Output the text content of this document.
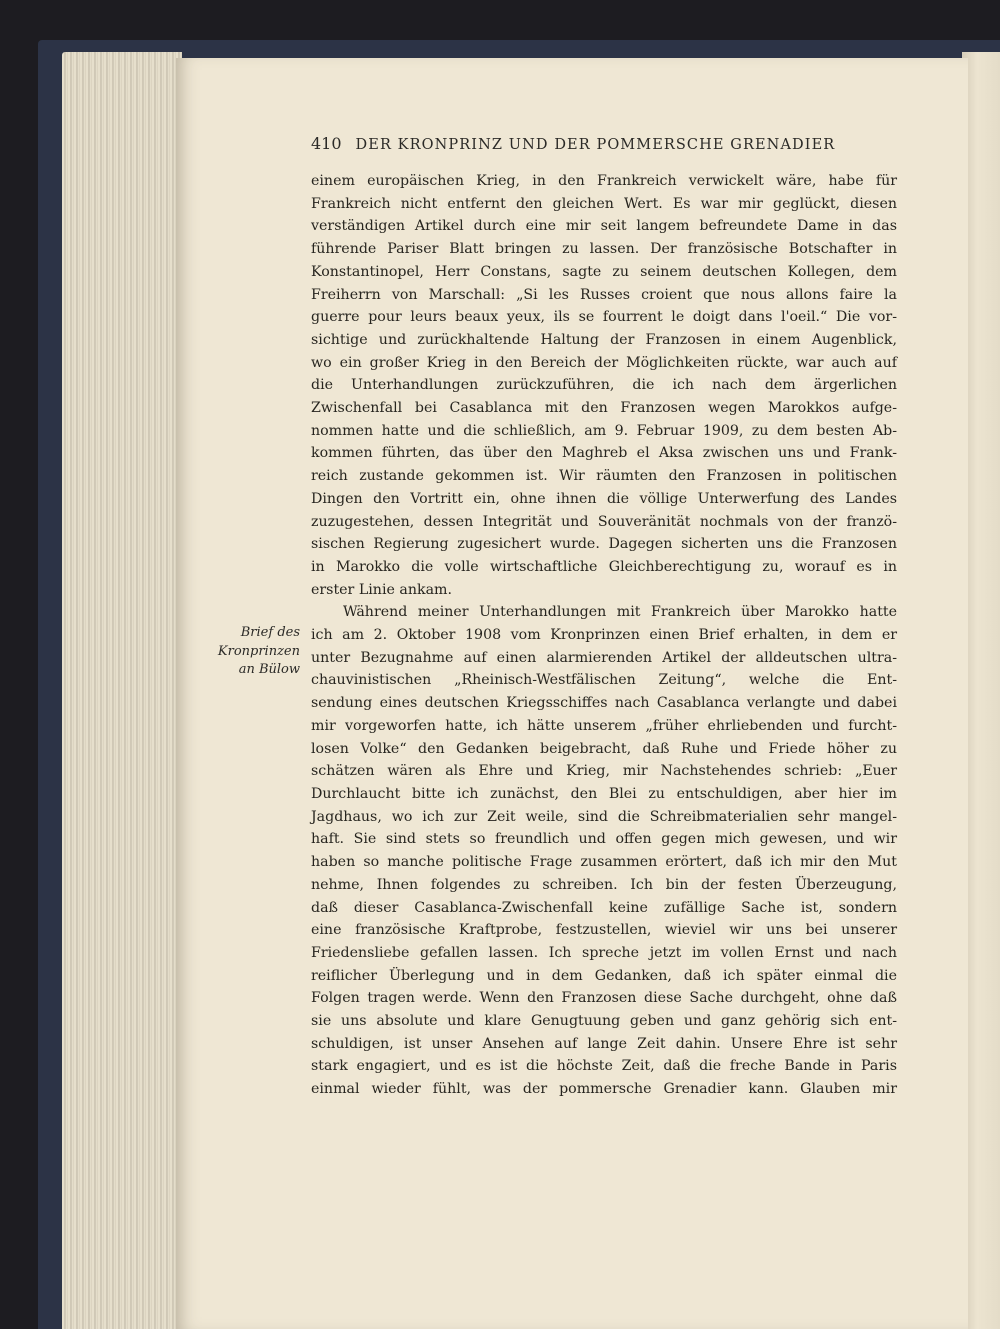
410 DER KRONPRINZ UND DER POMMERSCHE GRENADIER
Brief des
Kronprinzen
an Bülow
einem europäischen Krieg, in den Frankreich verwickelt wäre, habe für
Frankreich nicht entfernt den gleichen Wert. Es war mir geglückt, diesen
verständigen Artikel durch eine mir seit langem befreundete Dame in das
führende Pariser Blatt bringen zu lassen. Der französische Botschafter in
Konstantinopel, Herr Constans, sagte zu seinem deutschen Kollegen, dem
Freiherrn von Marschall: „Si les Russes croient que nous allons faire la
guerre pour leurs beaux yeux, ils se fourrent le doigt dans l'oeil.“ Die vor-
sichtige und zurückhaltende Haltung der Franzosen in einem Augenblick,
wo ein großer Krieg in den Bereich der Möglichkeiten rückte, war auch auf
die Unterhandlungen zurückzuführen, die ich nach dem ärgerlichen
Zwischenfall bei Casablanca mit den Franzosen wegen Marokkos aufge-
nommen hatte und die schließlich, am 9. Februar 1909, zu dem besten Ab-
kommen führten, das über den Maghreb el Aksa zwischen uns und Frank-
reich zustande gekommen ist. Wir räumten den Franzosen in politischen
Dingen den Vortritt ein, ohne ihnen die völlige Unterwerfung des Landes
zuzugestehen, dessen Integrität und Souveränität nochmals von der franzö-
sischen Regierung zugesichert wurde. Dagegen sicherten uns die Franzosen
in Marokko die volle wirtschaftliche Gleichberechtigung zu, worauf es in
erster Linie ankam.
Während meiner Unterhandlungen mit Frankreich über Marokko hatte
ich am 2. Oktober 1908 vom Kronprinzen einen Brief erhalten, in dem er
unter Bezugnahme auf einen alarmierenden Artikel der alldeutschen ultra-
chauvinistischen „Rheinisch-Westfälischen Zeitung“, welche die Ent-
sendung eines deutschen Kriegsschiffes nach Casablanca verlangte und dabei
mir vorgeworfen hatte, ich hätte unserem „früher ehrliebenden und furcht-
losen Volke“ den Gedanken beigebracht, daß Ruhe und Friede höher zu
schätzen wären als Ehre und Krieg, mir Nachstehendes schrieb: „Euer
Durchlaucht bitte ich zunächst, den Blei zu entschuldigen, aber hier im
Jagdhaus, wo ich zur Zeit weile, sind die Schreibmaterialien sehr mangel-
haft. Sie sind stets so freundlich und offen gegen mich gewesen, und wir
haben so manche politische Frage zusammen erörtert, daß ich mir den Mut
nehme, Ihnen folgendes zu schreiben. Ich bin der festen Überzeugung,
daß dieser Casablanca-Zwischenfall keine zufällige Sache ist, sondern
eine französische Kraftprobe, festzustellen, wieviel wir uns bei unserer
Friedensliebe gefallen lassen. Ich spreche jetzt im vollen Ernst und nach
reiflicher Überlegung und in dem Gedanken, daß ich später einmal die
Folgen tragen werde. Wenn den Franzosen diese Sache durchgeht, ohne daß
sie uns absolute und klare Genugtuung geben und ganz gehörig sich ent-
schuldigen, ist unser Ansehen auf lange Zeit dahin. Unsere Ehre ist sehr
stark engagiert, und es ist die höchste Zeit, daß die freche Bande in Paris
einmal wieder fühlt, was der pommersche Grenadier kann. Glauben mir
